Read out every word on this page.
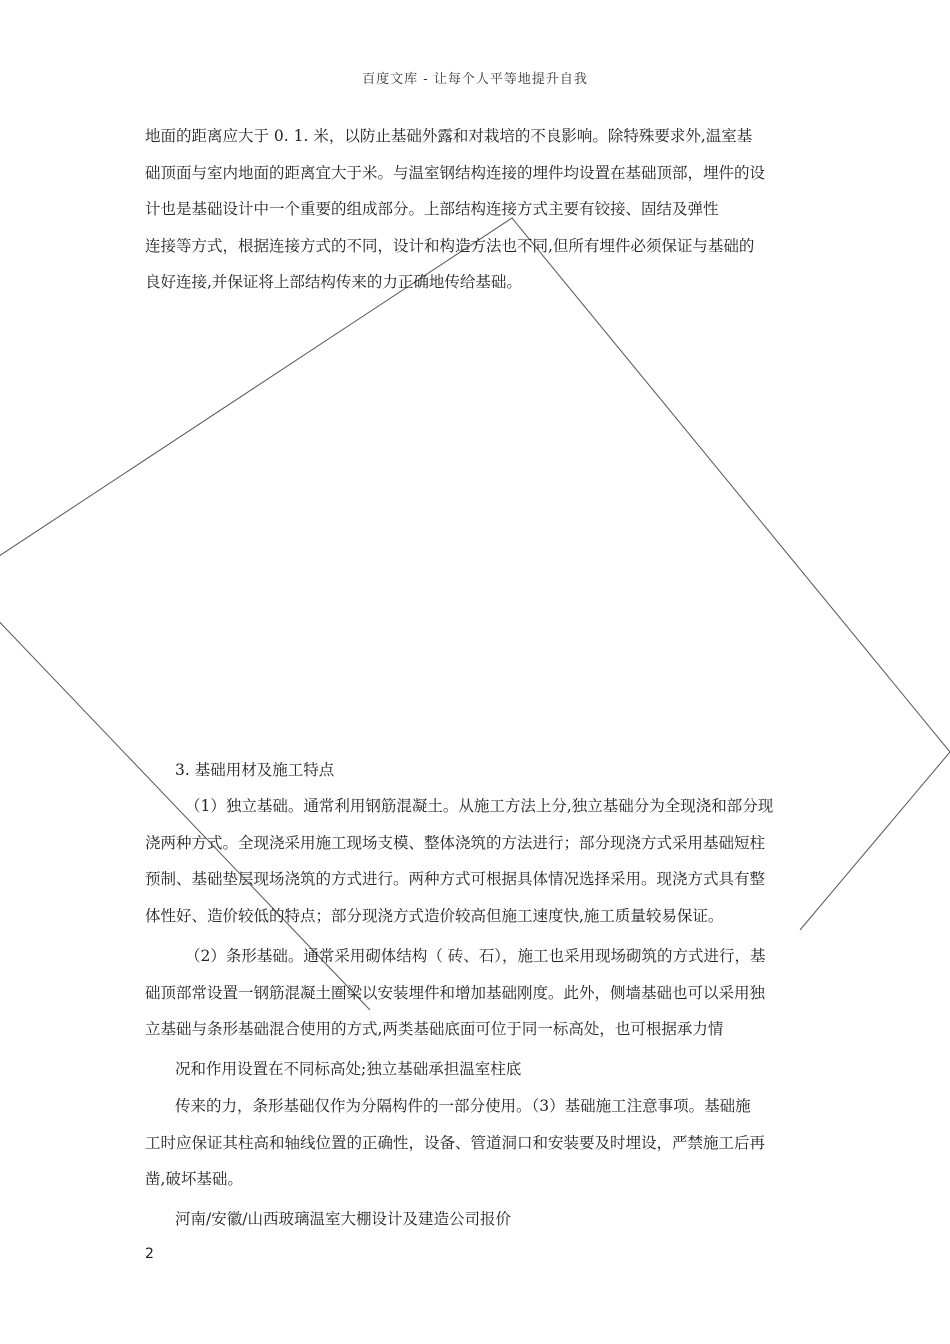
百度文库 - 让每个人平等地提升自我
地面的距离应大于 0. 1. 米，以防止基础外露和对栽培的不良影响。除特殊要求外,温室基
础顶面与室内地面的距离宜大于米。与温室钢结构连接的埋件均设置在基础顶部，埋件的设
计也是基础设计中一个重要的组成部分。上部结构连接方式主要有铰接、固结及弹性
连接等方式，根据连接方式的不同，设计和构造方法也不同,但所有埋件必须保证与基础的
良好连接,并保证将上部结构传来的力正确地传给基础。
3. 基础用材及施工特点
（1）独立基础。通常利用钢筋混凝土。从施工方法上分,独立基础分为全现浇和部分现
浇两种方式。全现浇采用施工现场支模、整体浇筑的方法进行；部分现浇方式采用基础短柱
预制、基础垫层现场浇筑的方式进行。两种方式可根据具体情况选择采用。现浇方式具有整
体性好、造价较低的特点；部分现浇方式造价较高但施工速度快,施工质量较易保证。
（2）条形基础。通常采用砌体结构（ 砖、石），施工也采用现场砌筑的方式进行，基
础顶部常设置一钢筋混凝土圈梁以安装埋件和增加基础刚度。此外，侧墙基础也可以采用独
立基础与条形基础混合使用的方式,两类基础底面可位于同一标高处，也可根据承力情
况和作用设置在不同标高处;独立基础承担温室柱底
传来的力，条形基础仅作为分隔构件的一部分使用。（3）基础施工注意事项。基础施
工时应保证其柱高和轴线位置的正确性，设备、管道洞口和安装要及时埋设，严禁施工后再
凿,破坏基础。
河南/安徽/山西玻璃温室大棚设计及建造公司报价
2
